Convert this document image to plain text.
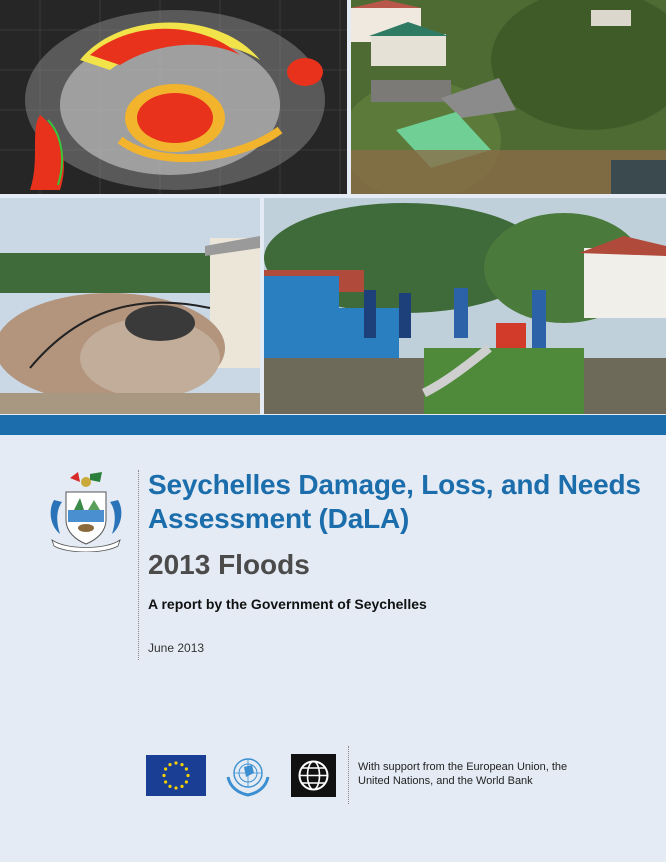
Seychelles Damage, Loss, and Needs Assessment (DaLA)
2013 Floods

A report by the Government of Seychelles

June 2013

With support from the European Union, the United Nations, and the World Bank
